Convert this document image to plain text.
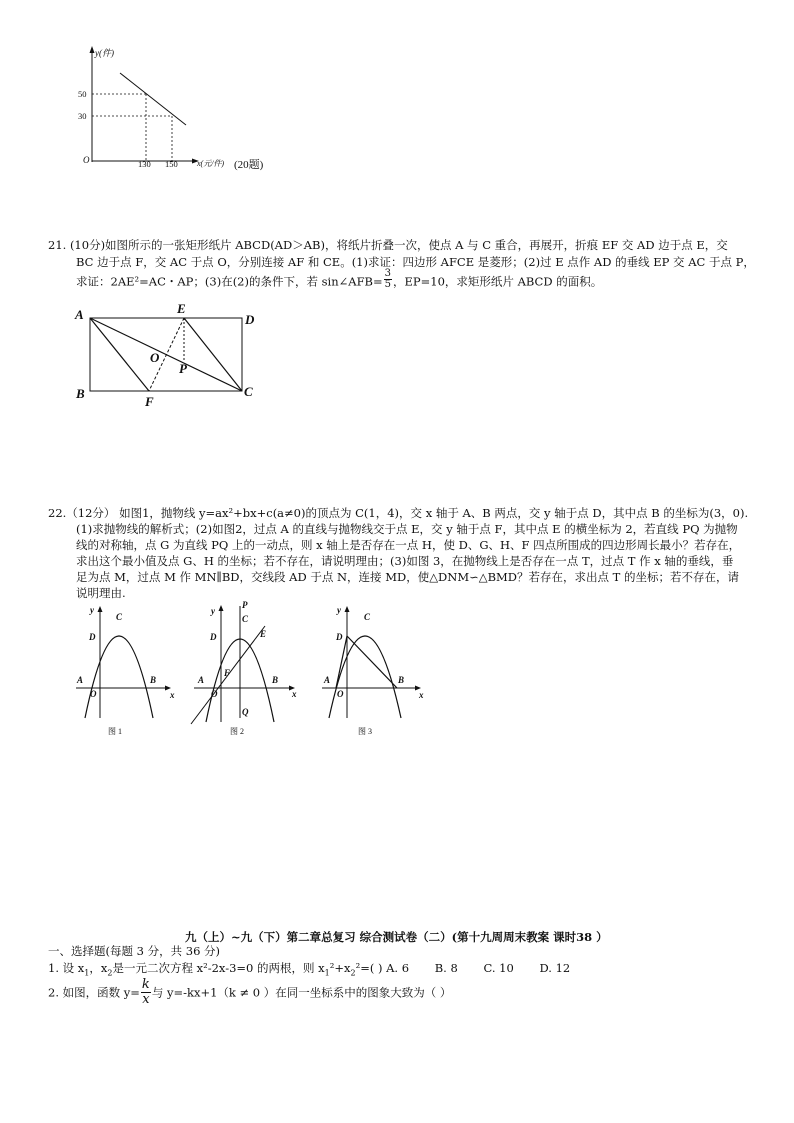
y(件)
50
30
O	130 150 x(元/件) (20题)
21. (10分)如图所示的一张矩形纸片 ABCD(AD＞AB)，将纸片折叠一次，使点 A 与 C 重合，再展开，折痕 EF 交 AD 边于点 E，交
BC 边于点 F，交 AC 于点 O，分别连接 AF 和 CE。(1)求证：四边形 AFCE 是菱形；(2)过 E 点作 AD 的垂线 EP 交 AC 于点 P，
求证：2AE²=AC・AP；(3)在(2)的条件下，若 sin∠AFB= $\frac{3}{5}$ ，EP=10，求矩形纸片 ABCD 的面积。
A	E
D
O
P
B
F
C
22.（12分） 如图1，抛物线 y=ax²+bx+c(a≠0)的顶点为 C(1，4)，交 x 轴于 A、B 两点，交 y 轴于点 D，其中点 B 的坐标为(3，0).
(1)求抛物线的解析式；(2)如图2，过点 A 的直线与抛物线交于点 E，交 y 轴于点 F，其中点 E 的横坐标为 2，若直线 PQ 为抛物
线的对称轴，点 G 为直线 PQ 上的一动点，则 x 轴上是否存在一点 H，使 D、G、H、F 四点所围成的四边形周长最小？若存在，
求出这个最小值及点 G、H 的坐标；若不存在，请说明理由；(3)如图 3，在抛物线上是否存在一点 T，过点 T 作 x 轴的垂线，垂
足为点 M，过点 M 作 MN∥BD，交线段 AD 于点 N，连接 MD，使△DNM∽△BMD？若存在，求出点 T 的坐标；若不存在，请
说明理由.
y
C
D
A	B
O	x
图 1
P
y
C
E
D
F
A	B
O	x
Q
图 2
y
C
D
A	B
O	x
图 3
九（上）~九（下）第二章总复习 综合测试卷（二）(第十九周周末教案 课时38 ）
一、选择题(每题 3 分，共 36 分)
1. 设 $x_1$，$x_2$是一元二次方程 x²-2x-3=0 的两根，则 $x_1^2+x_2^2=$( ) A. 6 B. 8 C. 10 D. 12
2. 如图，函数 $y= \frac{k}{x}$ 与 y=-kx+1（k ≠ 0 ）在同一坐标系中的图象大致为（ ）
